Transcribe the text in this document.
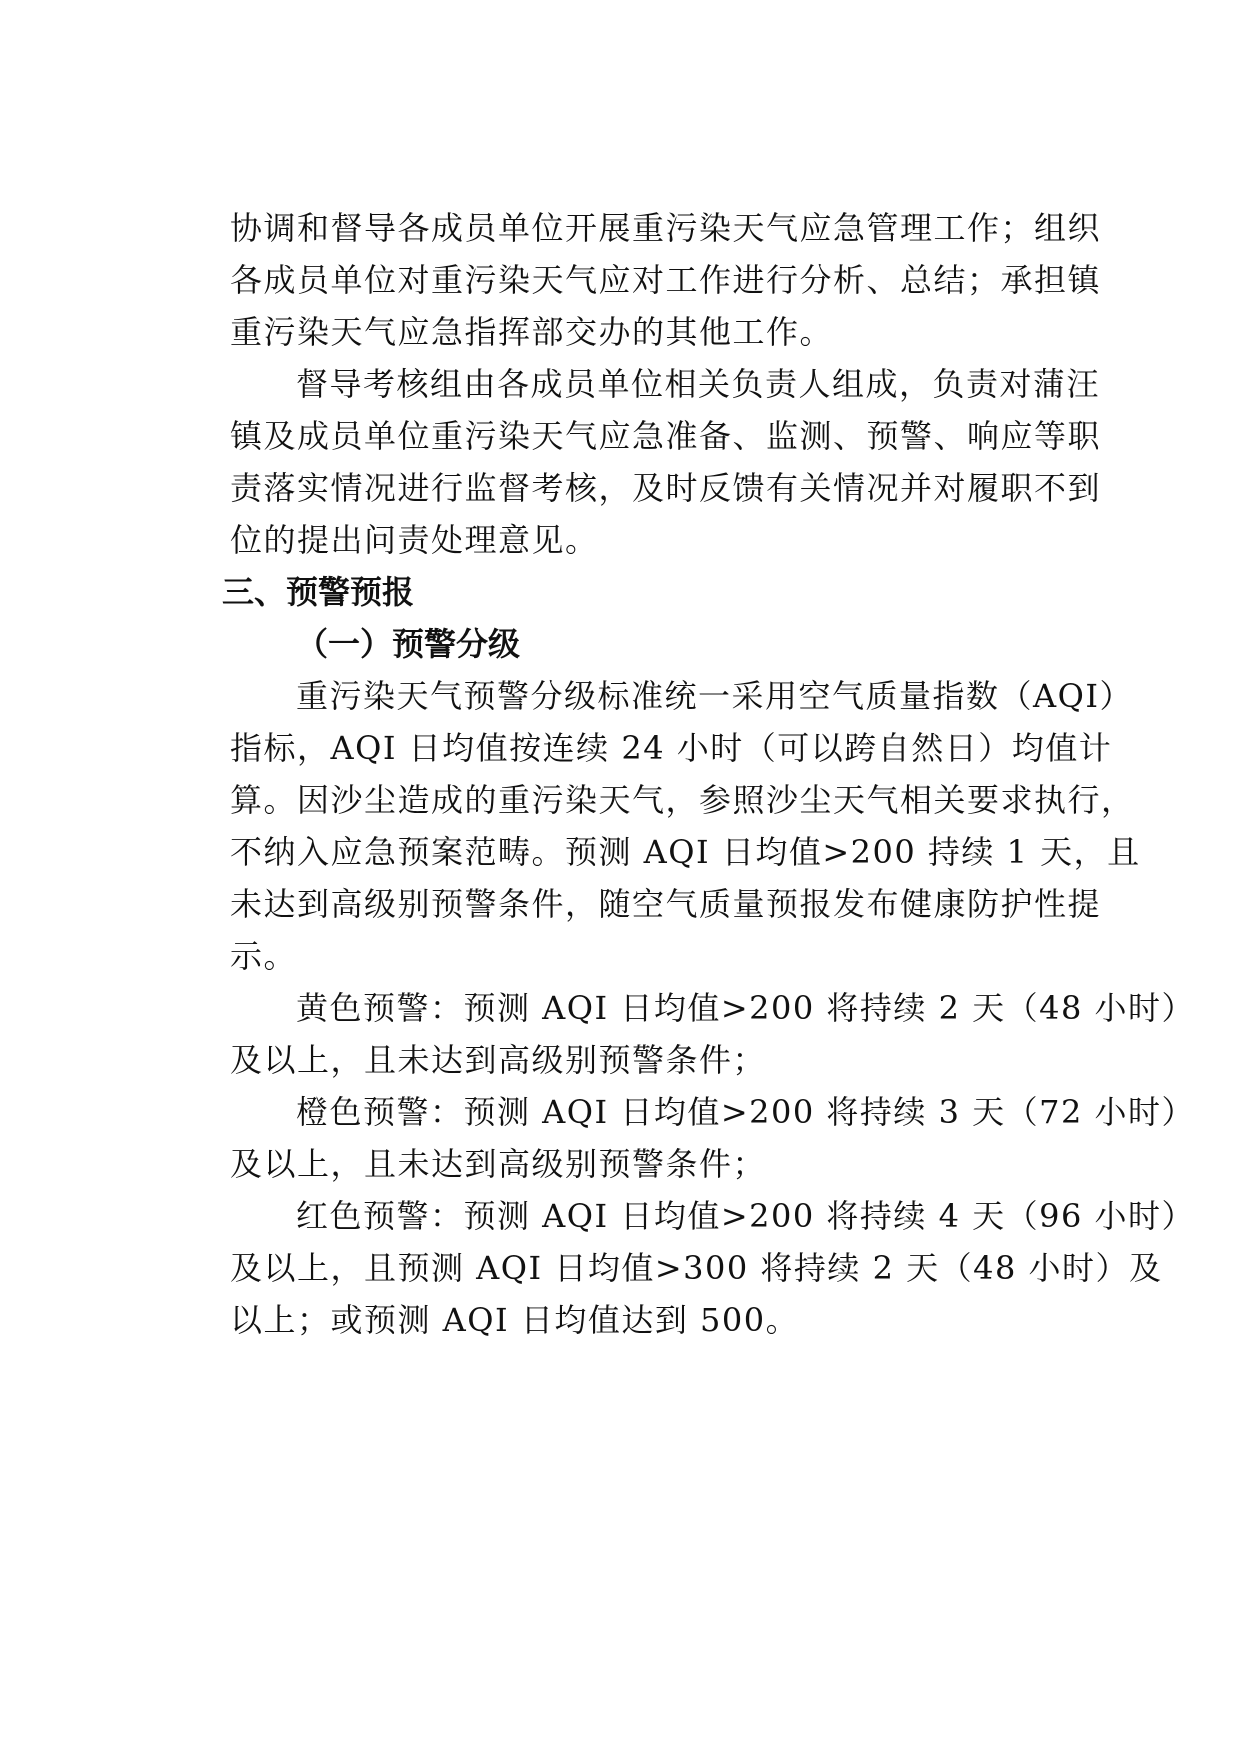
协调和督导各成员单位开展重污染天气应急管理工作；组织

各成员单位对重污染天气应对工作进行分析、总结；承担镇

重污染天气应急指挥部交办的其他工作。

督导考核组由各成员单位相关负责人组成，负责对蒲汪

镇及成员单位重污染天气应急准备、监测、预警、响应等职

责落实情况进行监督考核，及时反馈有关情况并对履职不到

位的提出问责处理意见。

三、预警预报
（一）预警分级

重污染天气预警分级标准统一采用空气质量指数（AQI）

指标，AQI 日均值按连续 24 小时（可以跨自然日）均值计

算。因沙尘造成的重污染天气，参照沙尘天气相关要求执行，

不纳入应急预案范畴。预测 AQI 日均值>200 持续 1 天，且

未达到高级别预警条件，随空气质量预报发布健康防护性提

示。

黄色预警：预测 AQI 日均值>200 将持续 2 天（48 小时）

及以上，且未达到高级别预警条件；

橙色预警：预测 AQI 日均值>200 将持续 3 天（72 小时）

及以上，且未达到高级别预警条件；

红色预警：预测 AQI 日均值>200 将持续 4 天（96 小时）

及以上，且预测 AQI 日均值>300 将持续 2 天（48 小时）及

以上；或预测 AQI 日均值达到 500。
